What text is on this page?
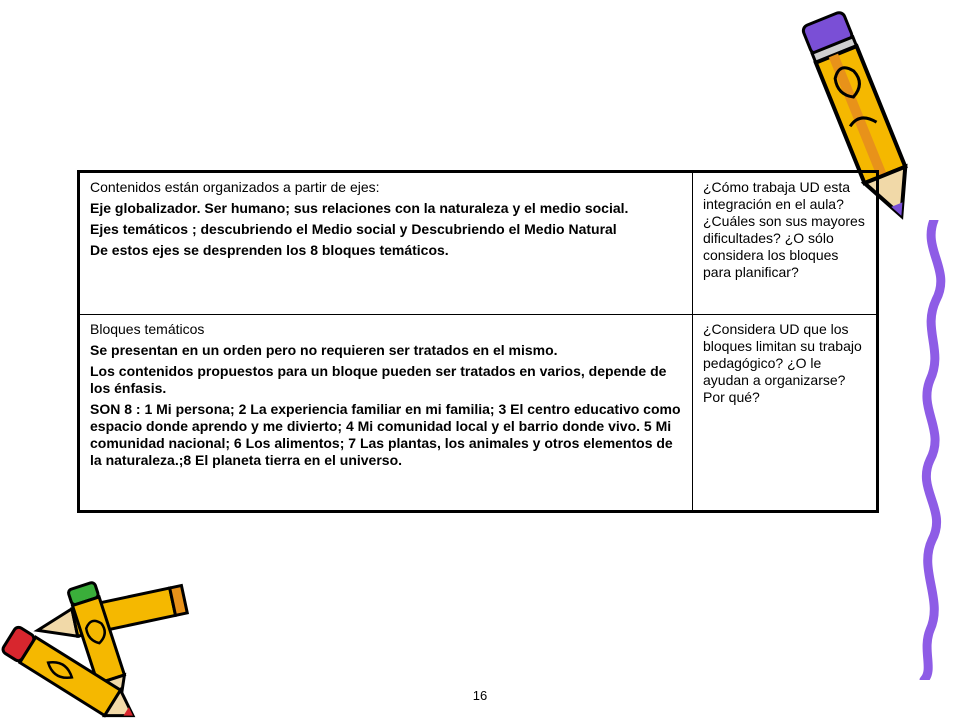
Contenidos están organizados a partir de ejes:

Eje globalizador. Ser humano; sus relaciones con la naturaleza y el medio social.

Ejes temáticos ; descubriendo el Medio social y Descubriendo el Medio Natural

De estos ejes se desprenden los 8 bloques temáticos.

¿Cómo trabaja UD esta integración en el aula? ¿Cuáles son sus mayores dificultades? ¿O sólo considera los bloques para planificar?

Bloques temáticos

Se presentan en un orden pero no requieren ser tratados en el mismo.

Los contenidos propuestos para un bloque pueden ser tratados en varios, depende de los énfasis.

SON 8 : 1 Mi persona; 2 La experiencia familiar en mi familia; 3 El centro educativo como espacio donde aprendo y me divierto; 4 Mi comunidad local y el barrio donde vivo. 5 Mi comunidad nacional; 6 Los alimentos; 7 Las plantas, los animales y otros elementos de la naturaleza.;8 El planeta tierra en el universo.

¿Considera UD que los bloques limitan su trabajo pedagógico? ¿O le ayudan a organizarse? Por qué?

16
